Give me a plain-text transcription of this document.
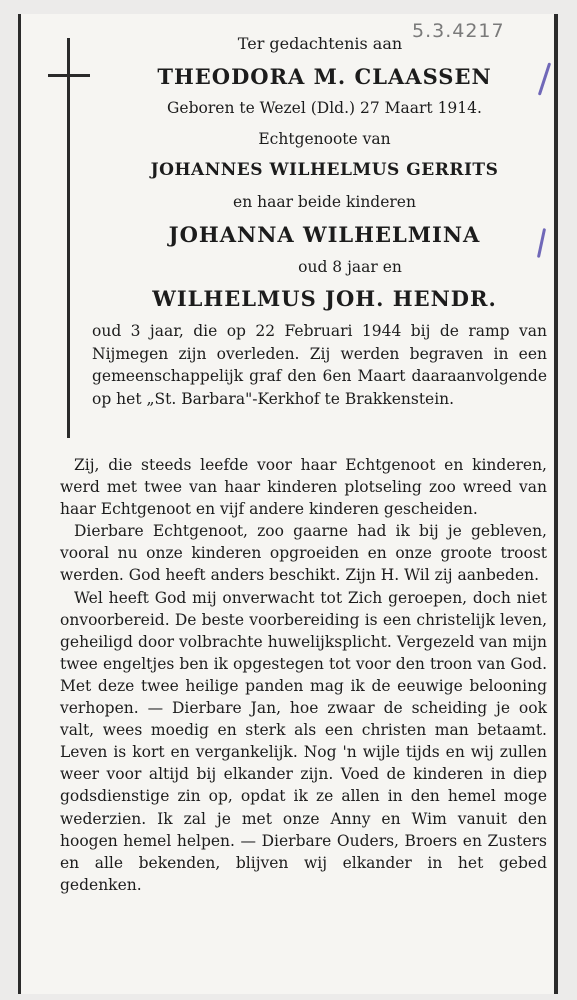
5.3.4217
Ter gedachtenis aan
THEODORA M. CLAASSEN
Geboren te Wezel (Dld.) 27 Maart 1914.
Echtgenoote van
JOHANNES WILHELMUS GERRITS
en haar beide kinderen
JOHANNA WILHELMINA
oud 8 jaar en
WILHELMUS JOH. HENDR.
oud 3 jaar, die op 22 Februari 1944 bij de ramp van Nijmegen zijn overleden. Zij werden begraven in een gemeenschappelijk graf den 6en Maart daaraanvolgende op het „St. Barbara"-Kerkhof te Brakkenstein.

Zij, die steeds leefde voor haar Echtgenoot en kinderen, werd met twee van haar kinderen plotseling zoo wreed van haar Echtgenoot en vijf andere kinderen gescheiden.

Dierbare Echtgenoot, zoo gaarne had ik bij je gebleven, vooral nu onze kinderen opgroeiden en onze groote troost werden. God heeft anders beschikt. Zijn H. Wil zij aanbeden.

Wel heeft God mij onverwacht tot Zich geroepen, doch niet onvoorbereid. De beste voorbereiding is een christelijk leven, geheiligd door volbrachte huwelijksplicht. Vergezeld van mijn twee engeltjes ben ik opgestegen tot voor den troon van God. Met deze twee heilige panden mag ik de eeuwige belooning verhopen. — Dierbare Jan, hoe zwaar de scheiding je ook valt, wees moedig en sterk als een christen man betaamt. Leven is kort en vergankelijk. Nog 'n wijle tijds en wij zullen weer voor altijd bij elkander zijn. Voed de kinderen in diep godsdienstige zin op, opdat ik ze allen in den hemel moge wederzien. Ik zal je met onze Anny en Wim vanuit den hoogen hemel helpen. — Dierbare Ouders, Broers en Zusters en alle bekenden, blijven wij elkander in het gebed gedenken.
